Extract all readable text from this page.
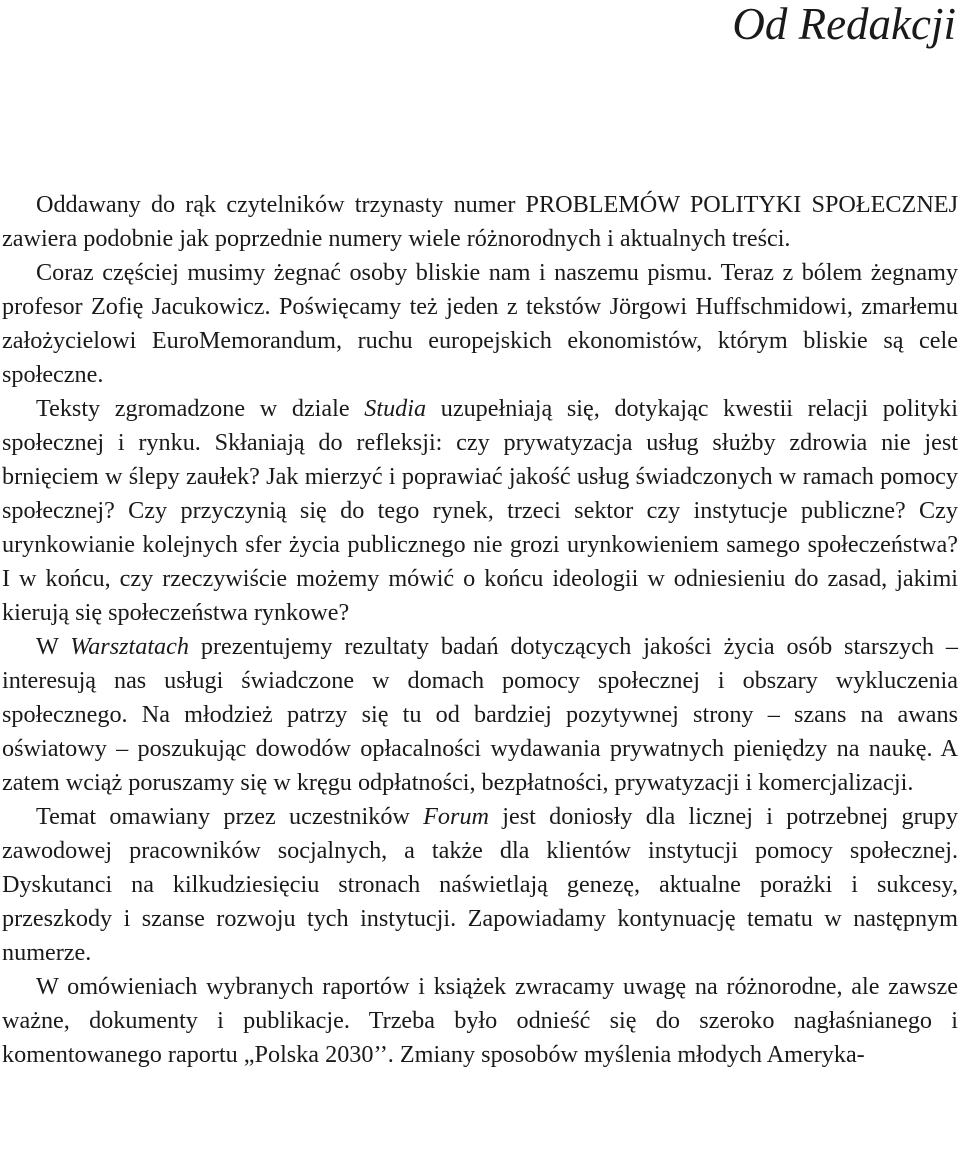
Od Redakcji

Oddawany do rąk czytelników trzynasty numer PROBLEMÓW POLITYKI SPOŁECZNEJ zawiera podobnie jak poprzednie numery wiele różnorodnych i aktualnych treści.

Coraz częściej musimy żegnać osoby bliskie nam i naszemu pismu. Teraz z bólem żegnamy profesor Zofię Jacukowicz. Poświęcamy też jeden z tekstów Jörgowi Huffschmidowi, zmarłemu założycielowi EuroMemorandum, ruchu europejskich ekonomistów, którym bliskie są cele społeczne.

Teksty zgromadzone w dziale Studia uzupełniają się, dotykając kwestii relacji polityki społecznej i rynku. Skłaniają do refleksji: czy prywatyzacja usług służby zdrowia nie jest brnięciem w ślepy zaułek? Jak mierzyć i poprawiać jakość usług świadczonych w ramach pomocy społecznej? Czy przyczynią się do tego rynek, trzeci sektor czy instytucje publiczne? Czy urynkowianie kolejnych sfer życia publicznego nie grozi urynkowieniem samego społeczeństwa? I w końcu, czy rzeczywiście możemy mówić o końcu ideologii w odniesieniu do zasad, jakimi kierują się społeczeństwa rynkowe?

W Warsztatach prezentujemy rezultaty badań dotyczących jakości życia osób starszych – interesują nas usługi świadczone w domach pomocy społecznej i obszary wykluczenia społecznego. Na młodzież patrzy się tu od bardziej pozytywnej strony – szans na awans oświatowy – poszukując dowodów opłacalności wydawania prywatnych pieniędzy na naukę. A zatem wciąż poruszamy się w kręgu odpłatności, bezpłatności, prywatyzacji i komercjalizacji.

Temat omawiany przez uczestników Forum jest doniosły dla licznej i potrzebnej grupy zawodowej pracowników socjalnych, a także dla klientów instytucji pomocy społecznej. Dyskutanci na kilkudziesięciu stronach naświetlają genezę, aktualne porażki i sukcesy, przeszkody i szanse rozwoju tych instytucji. Zapowiadamy kontynuację tematu w następnym numerze.

W omówieniach wybranych raportów i książek zwracamy uwagę na różnorodne, ale zawsze ważne, dokumenty i publikacje. Trzeba było odnieść się do szeroko nagłaśnianego i komentowanego raportu „Polska 2030’’. Zmiany sposobów myślenia młodych Ameryka-
